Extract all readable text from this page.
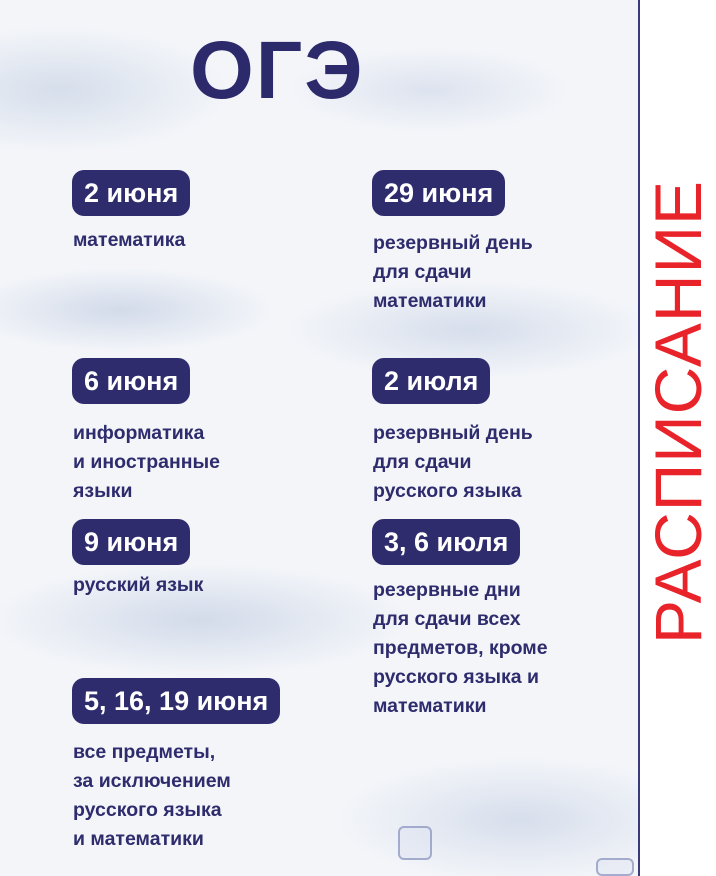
РАСПИСАНИЕ
ОГЭ
2 июня
математика
29 июня
резервный день
для сдачи
математики
6 июня
информатика
и иностранные
языки
2 июля
резервный день
для сдачи
русского языка
9 июня
русский язык
3, 6 июля
резервные дни
для сдачи всех
предметов, кроме
русского языка и
математики
5, 16, 19 июня
все предметы,
за исключением
русского языка
и математики
